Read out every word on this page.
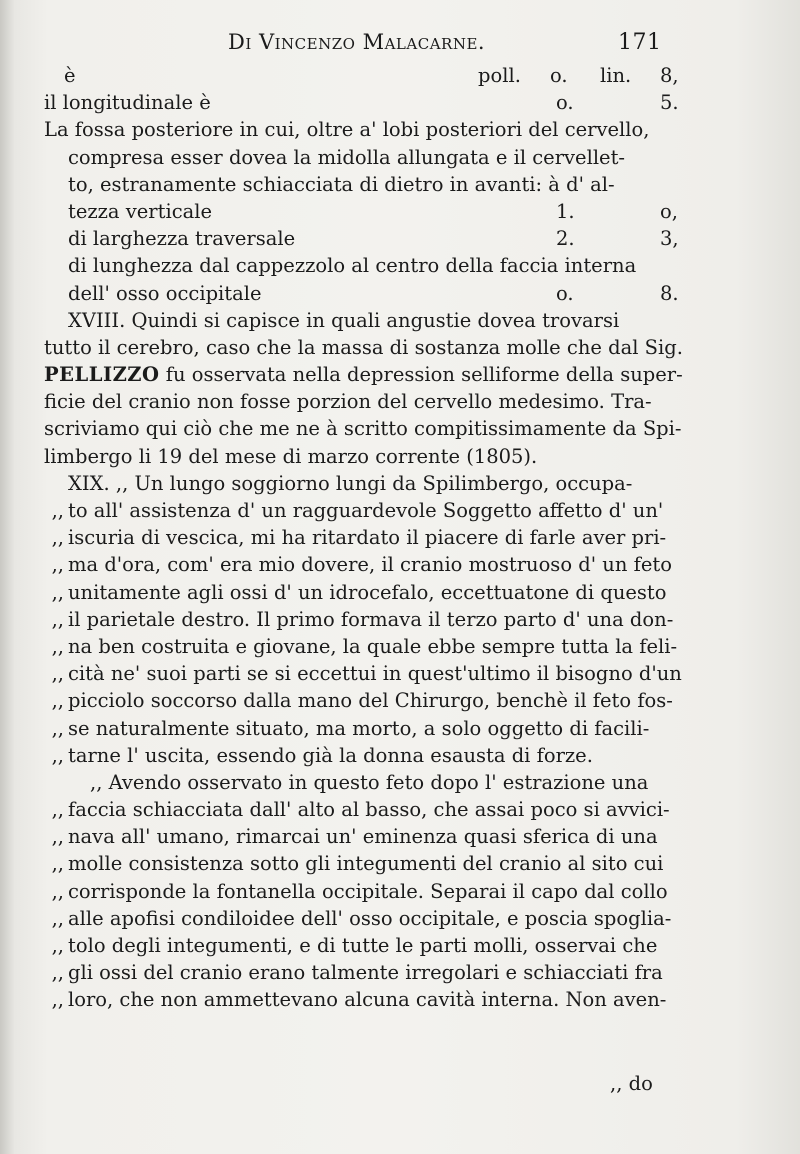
Di Vincenzo Malacarne.	171
è	poll. o. lin. 8,
il longitudinale è	o.	5.
La fossa posteriore in cui, oltre a' lobi posteriori del cervello,
compresa esser dovea la midolla allungata e il cervellet-
to, estranamente schiacciata di dietro in avanti: à d' al-
tezza verticale	1.	o,
di larghezza traversale	2.	3,
di lunghezza dal cappezzolo al centro della faccia interna
dell' osso occipitale	o.	8.
XVIII. Quindi si capisce in quali angustie dovea trovarsi
tutto il cerebro, caso che la massa di sostanza molle che dal Sig.
PELLIZZO fu osservata nella depression selliforme della super-
ficie del cranio non fosse porzion del cervello medesimo. Tra-
scriviamo qui ciò che me ne à scritto compitissimamente da Spi-
limbergo li 19 del mese di marzo corrente (1805).
XIX. ,, Un lungo soggiorno lungi da Spilimbergo, occupa-
,, to all' assistenza d' un ragguardevole Soggetto affetto d' un'
,, iscuria di vescica, mi ha ritardato il piacere di farle aver pri-
,, ma d'ora, com' era mio dovere, il cranio mostruoso d' un feto
,, unitamente agli ossi d' un idrocefalo, eccettuatone di questo
,, il parietale destro. Il primo formava il terzo parto d' una don-
,, na ben costruita e giovane, la quale ebbe sempre tutta la feli-
,, cità ne' suoi parti se si eccettui in quest'ultimo il bisogno d'un
,, picciolo soccorso dalla mano del Chirurgo, benchè il feto fos-
,, se naturalmente situato, ma morto, a solo oggetto di facili-
,, tarne l' uscita, essendo già la donna esausta di forze.
,, Avendo osservato in questo feto dopo l' estrazione una
,, faccia schiacciata dall' alto al basso, che assai poco si avvici-
,, nava all' umano, rimarcai un' eminenza quasi sferica di una
,, molle consistenza sotto gli integumenti del cranio al sito cui
,, corrisponde la fontanella occipitale. Separai il capo dal collo
,, alle apofisi condiloidee dell' osso occipitale, e poscia spoglia-
,, tolo degli integumenti, e di tutte le parti molli, osservai che
,, gli ossi del cranio erano talmente irregolari e schiacciati fra
,, loro, che non ammettevano alcuna cavità interna. Non aven-
,, do
